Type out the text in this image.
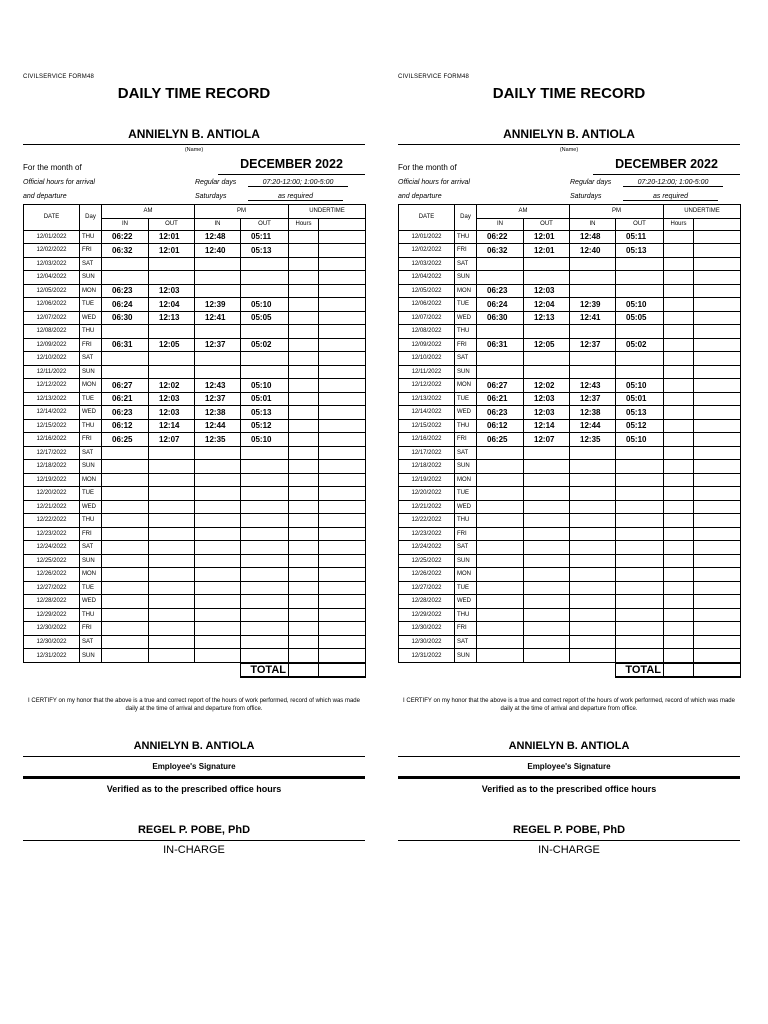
CIVILSERVICE FORM48
DAILY TIME RECORD
ANNIELYN B. ANTIOLA
(Name)
For the month of	DECEMBER 2022
Official hours for arrival
and departure
Regular days	07:20-12:00; 1:00-5:00
Saturdays	as required
DATE	Day	AM		PM		UNDERTIME	
		IN	OUT	IN	OUT	Hours	
12/01/2022	THU	06:22	12:01	12:48	05:11		
12/02/2022	FRI	06:32	12:01	12:40	05:13		
12/03/2022	SAT						
12/04/2022	SUN						
12/05/2022	MON	06:23	12:03				
12/06/2022	TUE	06:24	12:04	12:39	05:10		
12/07/2022	WED	06:30	12:13	12:41	05:05		
12/08/2022	THU						
12/09/2022	FRI	06:31	12:05	12:37	05:02		
12/10/2022	SAT						
12/11/2022	SUN						
12/12/2022	MON	06:27	12:02	12:43	05:10		
12/13/2022	TUE	06:21	12:03	12:37	05:01		
12/14/2022	WED	06:23	12:03	12:38	05:13		
12/15/2022	THU	06:12	12:14	12:44	05:12		
12/16/2022	FRI	06:25	12:07	12:35	05:10		
12/17/2022	SAT						
12/18/2022	SUN						
12/19/2022	MON						
12/20/2022	TUE						
12/21/2022	WED						
12/22/2022	THU						
12/23/2022	FRI						
12/24/2022	SAT						
12/25/2022	SUN						
12/26/2022	MON						
12/27/2022	TUE						
12/28/2022	WED						
12/29/2022	THU						
12/30/2022	FRI						
12/30/2022	SAT						
12/31/2022	SUN						
					TOTAL		
I CERTIFY on my honor that the above is a true and correct report of the hours of work performed, record of which was made daily at the time of arrival and departure from office.
ANNIELYN B. ANTIOLA
Employee's Signature
Verified as to the prescribed office hours
REGEL P. POBE, PhD
IN-CHARGE
CIVILSERVICE FORM48
DAILY TIME RECORD
ANNIELYN B. ANTIOLA
(Name)
For the month of	DECEMBER 2022
Official hours for arrival
and departure
Regular days	07:20-12:00; 1:00-5:00
Saturdays	as required
DATE	Day	AM		PM		UNDERTIME	
		IN	OUT	IN	OUT	Hours	
12/01/2022	THU	06:22	12:01	12:48	05:11		
12/02/2022	FRI	06:32	12:01	12:40	05:13		
12/03/2022	SAT						
12/04/2022	SUN						
12/05/2022	MON	06:23	12:03				
12/06/2022	TUE	06:24	12:04	12:39	05:10		
12/07/2022	WED	06:30	12:13	12:41	05:05		
12/08/2022	THU						
12/09/2022	FRI	06:31	12:05	12:37	05:02		
12/10/2022	SAT						
12/11/2022	SUN						
12/12/2022	MON	06:27	12:02	12:43	05:10		
12/13/2022	TUE	06:21	12:03	12:37	05:01		
12/14/2022	WED	06:23	12:03	12:38	05:13		
12/15/2022	THU	06:12	12:14	12:44	05:12		
12/16/2022	FRI	06:25	12:07	12:35	05:10		
12/17/2022	SAT						
12/18/2022	SUN						
12/19/2022	MON						
12/20/2022	TUE						
12/21/2022	WED						
12/22/2022	THU						
12/23/2022	FRI						
12/24/2022	SAT						
12/25/2022	SUN						
12/26/2022	MON						
12/27/2022	TUE						
12/28/2022	WED						
12/29/2022	THU						
12/30/2022	FRI						
12/30/2022	SAT						
12/31/2022	SUN						
					TOTAL		
I CERTIFY on my honor that the above is a true and correct report of the hours of work performed, record of which was made daily at the time of arrival and departure from office.
ANNIELYN B. ANTIOLA
Employee's Signature
Verified as to the prescribed office hours
REGEL P. POBE, PhD
IN-CHARGE
